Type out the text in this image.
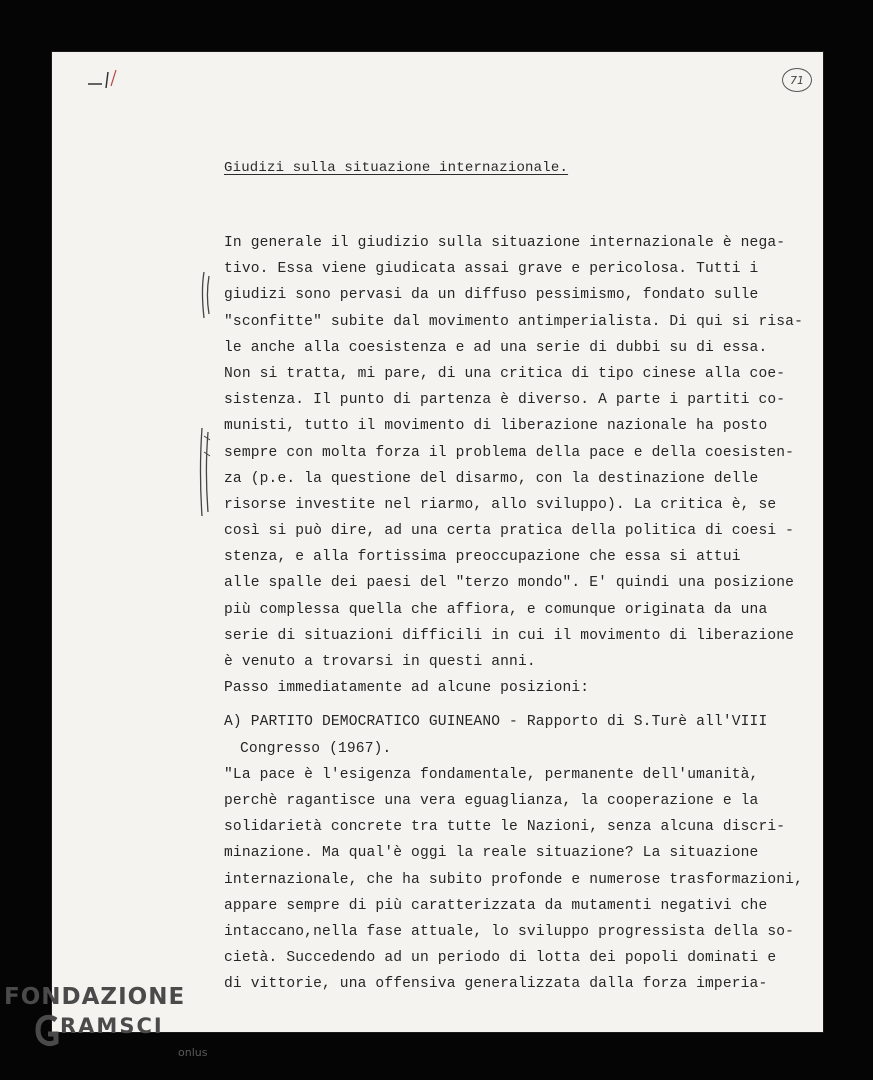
71
Giudizi sulla situazione internazionale.
In generale il giudizio sulla situazione internazionale è nega-
tivo. Essa viene giudicata assai grave e pericolosa. Tutti i
giudizi sono pervasi da un diffuso pessimismo, fondato sulle
"sconfitte" subite dal movimento antimperialista. Di qui si risa-
le anche alla coesistenza e ad una serie di dubbi su di essa.
Non si tratta, mi pare, di una critica di tipo cinese alla coe-
sistenza. Il punto di partenza è diverso. A parte i partiti co-
munisti, tutto il movimento di liberazione nazionale ha posto
sempre con molta forza il problema della pace e della coesisten-
za (p.e. la questione del disarmo, con la destinazione delle
risorse investite nel riarmo, allo sviluppo). La critica è, se
così si può dire, ad una certa pratica della politica di coesi -
stenza, e alla fortissima preoccupazione che essa si attui
alle spalle dei paesi del "terzo mondo". E' quindi una posizione
più complessa quella che affiora, e comunque originata da una
serie di situazioni difficili in cui il movimento di liberazione
è venuto a trovarsi in questi anni.
Passo immediatamente ad alcune posizioni:
A) PARTITO DEMOCRATICO GUINEANO - Rapporto di S.Turè all'VIII
Congresso (1967).
"La pace è l'esigenza fondamentale, permanente dell'umanità,
perchè ragantisce una vera eguaglianza, la cooperazione e la
solidarietà concrete tra tutte le Nazioni, senza alcuna discri-
minazione. Ma qual'è oggi la reale situazione? La situazione
internazionale, che ha subito profonde e numerose trasformazioni,
appare sempre di più caratterizzata da mutamenti negativi che
intaccano,nella fase attuale, lo sviluppo progressista della so-
cietà. Succedendo ad un periodo di lotta dei popoli dominati e
di vittorie, una offensiva generalizzata dalla forza imperia-
FONDAZIONE
RAMSCI
onlus
